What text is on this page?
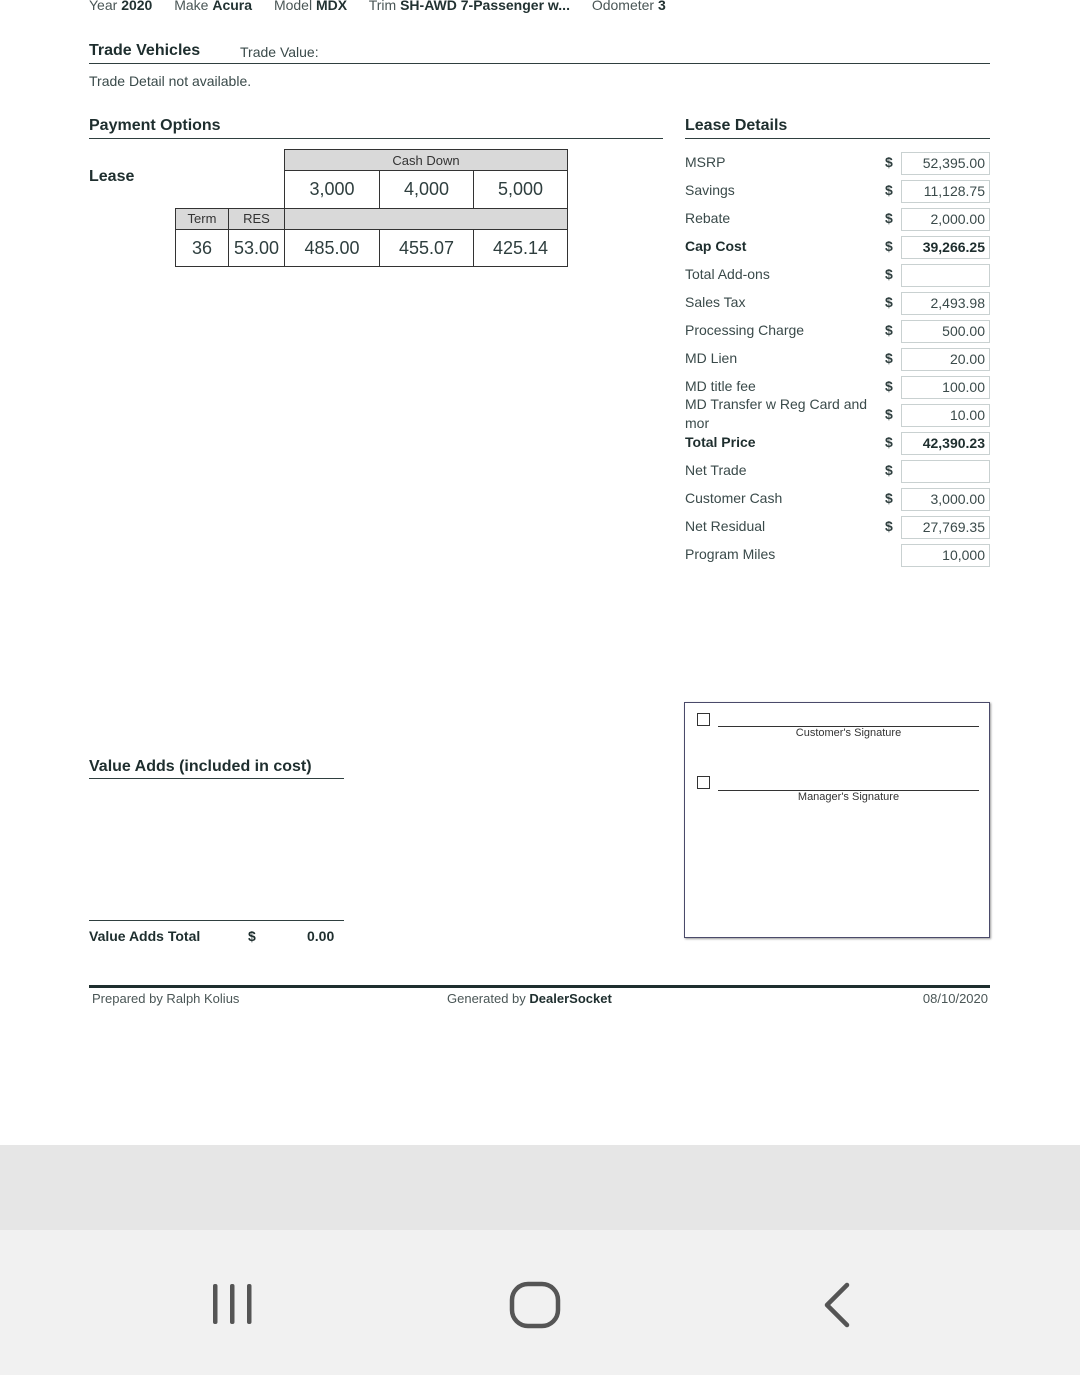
Year 2020 Make Acura Model MDX Trim SH-AWD 7-Passenger w... Odometer 3
Trade Vehicles	Trade Value:
Trade Detail not available.
Payment Options
Lease
Cash Down
3,000	4,000	5,000
Term	RES
36	53.00	485.00	455.07	425.14
Lease Details
MSRP	$	52,395.00
Savings	$	11,128.75
Rebate	$	2,000.00
Cap Cost	$	39,266.25
Total Add-ons	$
Sales Tax	$	2,493.98
Processing Charge	$	500.00
MD Lien	$	20.00
MD title fee	$	100.00
MD Transfer w Reg Card and
mor
$	10.00
Total Price	$	42,390.23
Net Trade	$
Customer Cash	$	3,000.00
Net Residual	$	27,769.35
Program Miles	10,000
Customer's Signature
Manager's Signature
Value Adds (included in cost)
Value Adds Total	$	0.00
Prepared by Ralph Kolius	Generated by DealerSocket	08/10/2020
